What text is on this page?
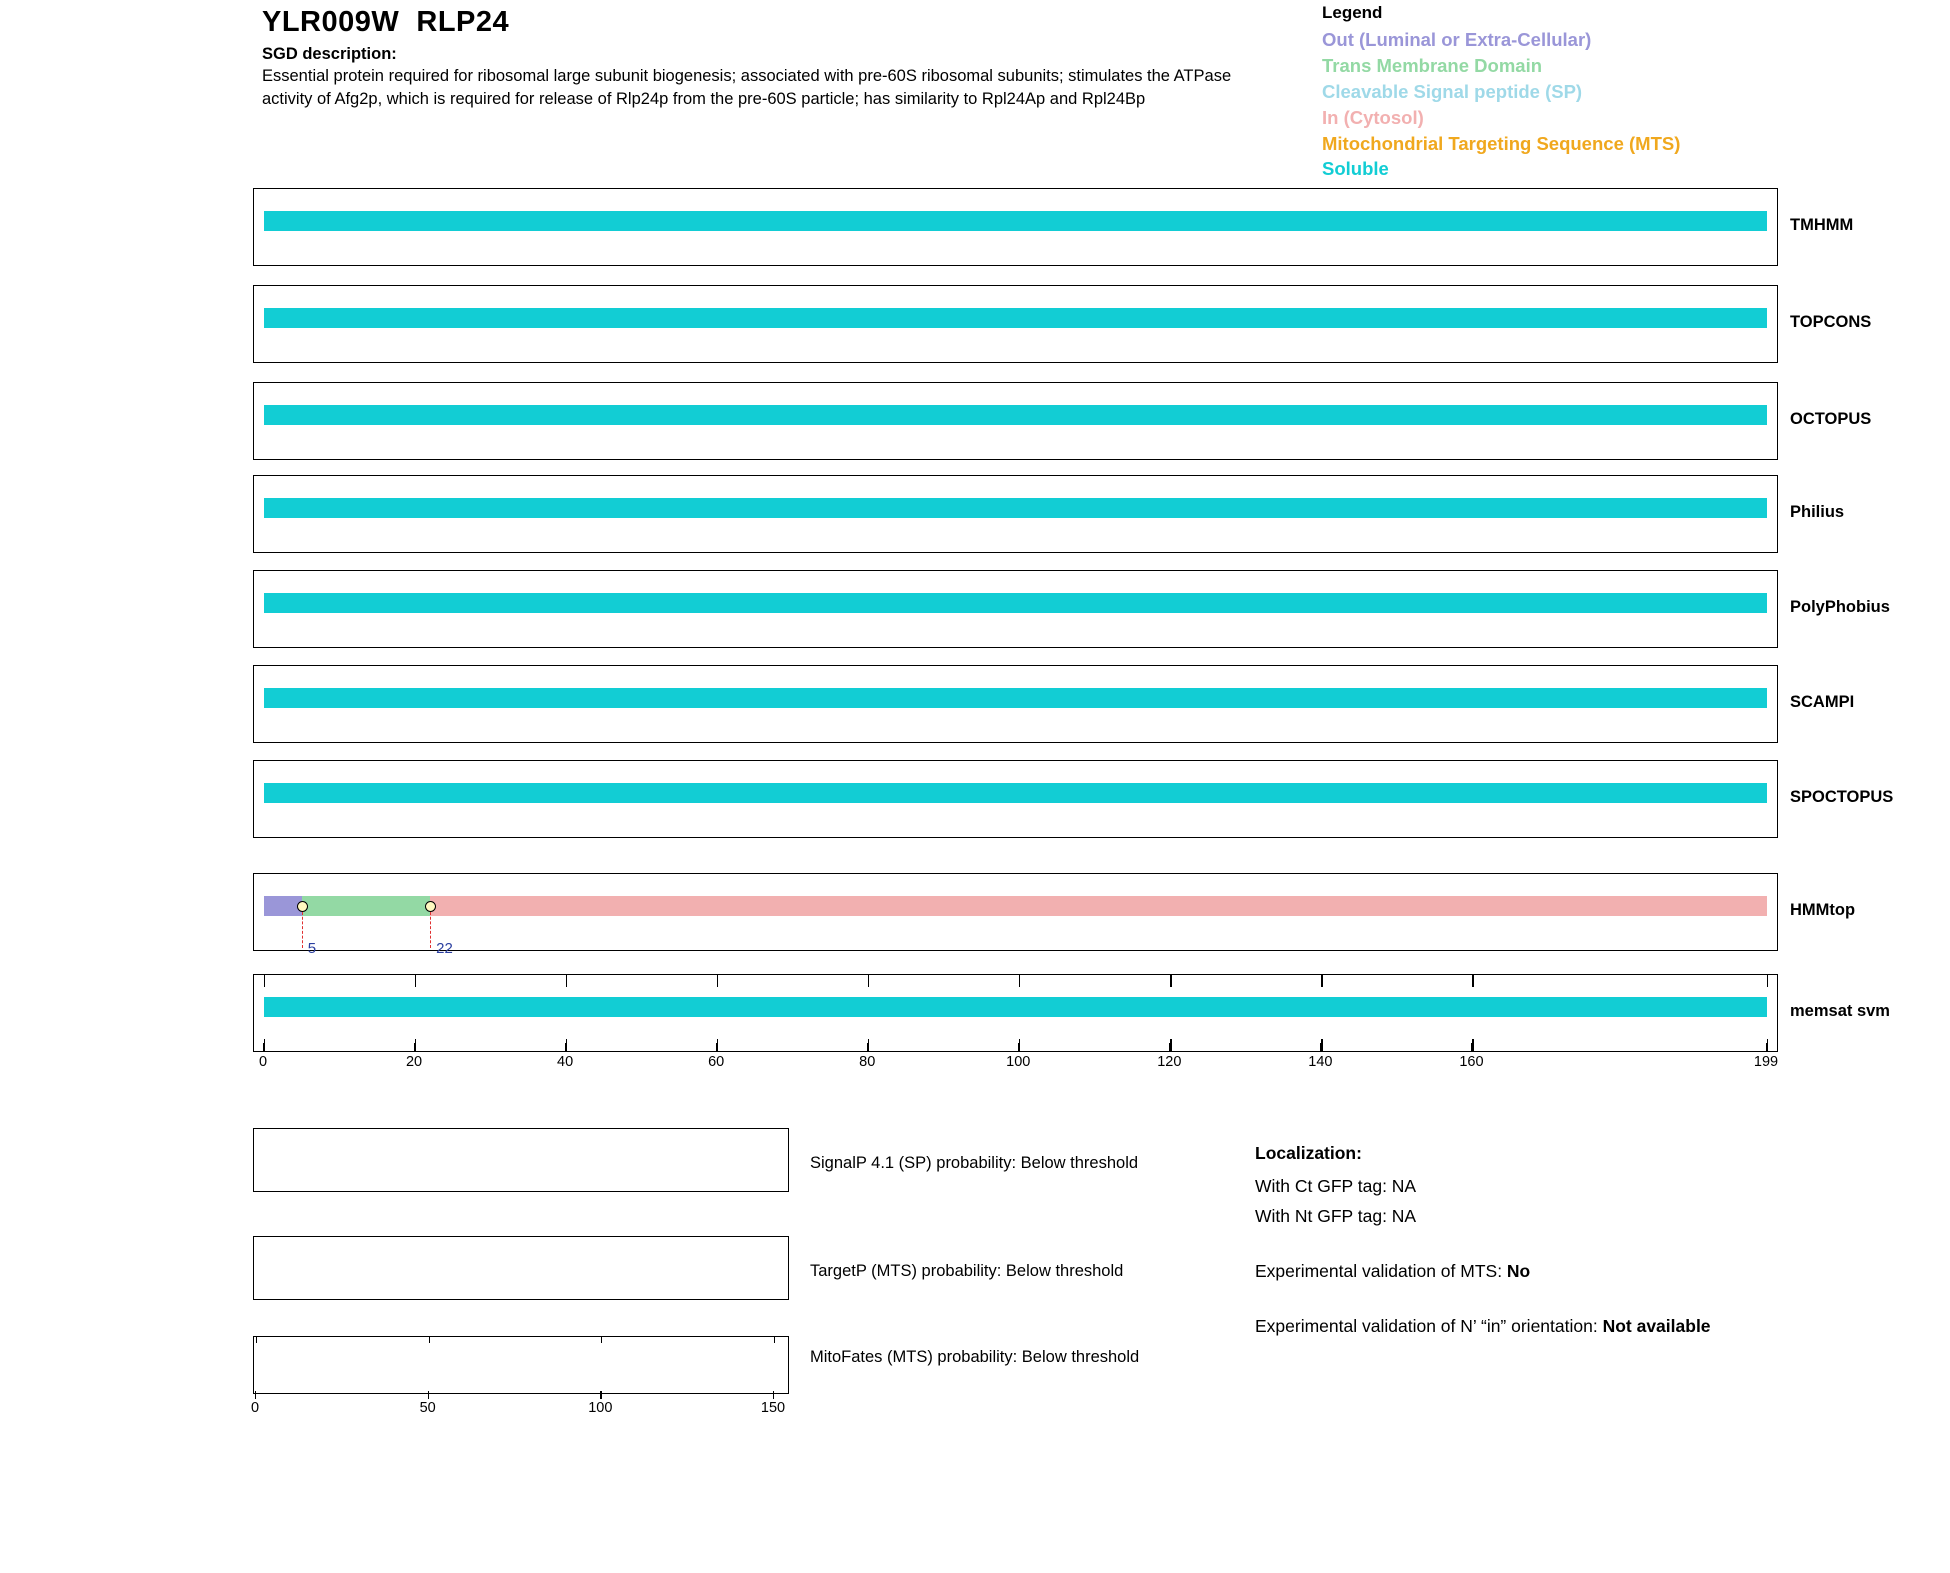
YLR009W  RLP24
SGD description:
Essential protein required for ribosomal large subunit biogenesis; associated with pre-60S ribosomal subunits; stimulates the ATPase activity of Afg2p, which is required for release of Rlp24p from the pre-60S particle; has similarity to Rpl24Ap and Rpl24Bp
Legend
Out (Luminal or Extra-Cellular)
Trans Membrane Domain
Cleavable Signal peptide (SP)
In (Cytosol)
Mitochondrial Targeting Sequence (MTS)
Soluble
TMHMM
TOPCONS
OCTOPUS
Philius
PolyPhobius
SCAMPI
SPOCTOPUS
5	22
HMMtop
memsat svm
0	20	40	60	80	100	120	140	160	199
SignalP 4.1 (SP) probability: Below threshold
TargetP (MTS) probability: Below threshold
MitoFates (MTS) probability: Below threshold
0	50	100	150
Localization:
With Ct GFP tag: NA
With Nt GFP tag: NA
Experimental validation of MTS: No
Experimental validation of N’ “in” orientation: Not available
